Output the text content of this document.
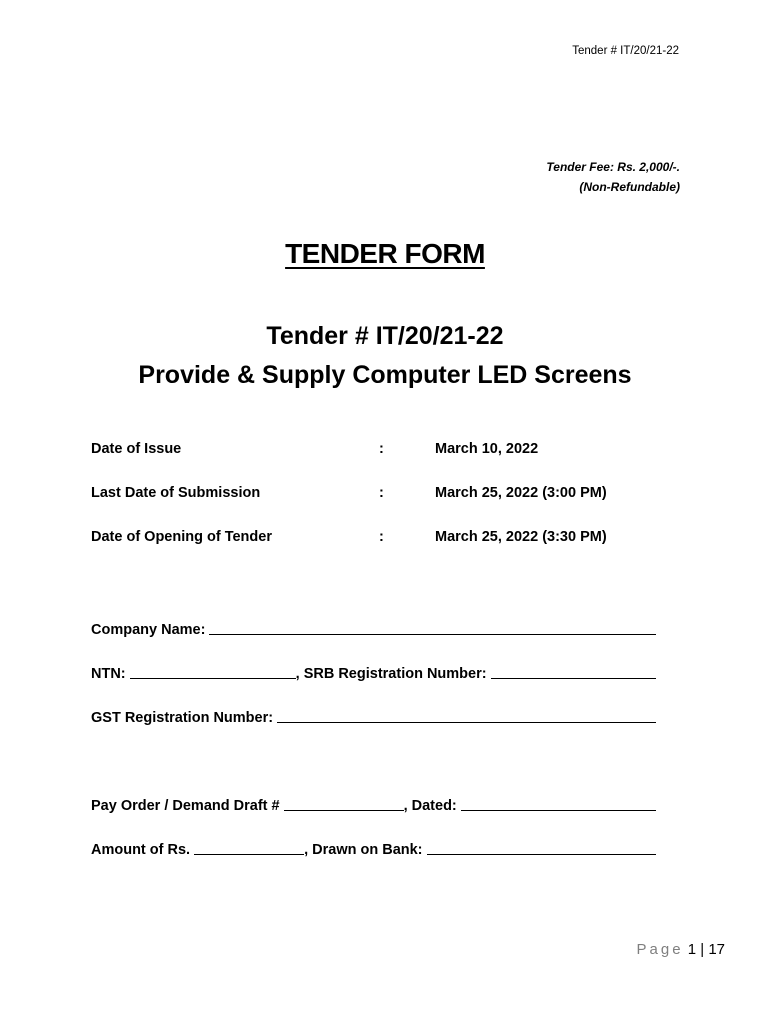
Tender # IT/20/21-22
Tender Fee: Rs. 2,000/-.
(Non-Refundable)
TENDER FORM
Tender # IT/20/21-22
Provide & Supply Computer LED Screens
Date of Issue	:	March 10, 2022
Last Date of Submission	:	March 25, 2022 (3:00 PM)
Date of Opening of Tender	:	March 25, 2022 (3:30 PM)
Company Name:
NTN:	, SRB Registration Number:
GST Registration Number:
Pay Order / Demand Draft #	, Dated:
Amount of Rs.	, Drawn on Bank:
Page 1 | 17
